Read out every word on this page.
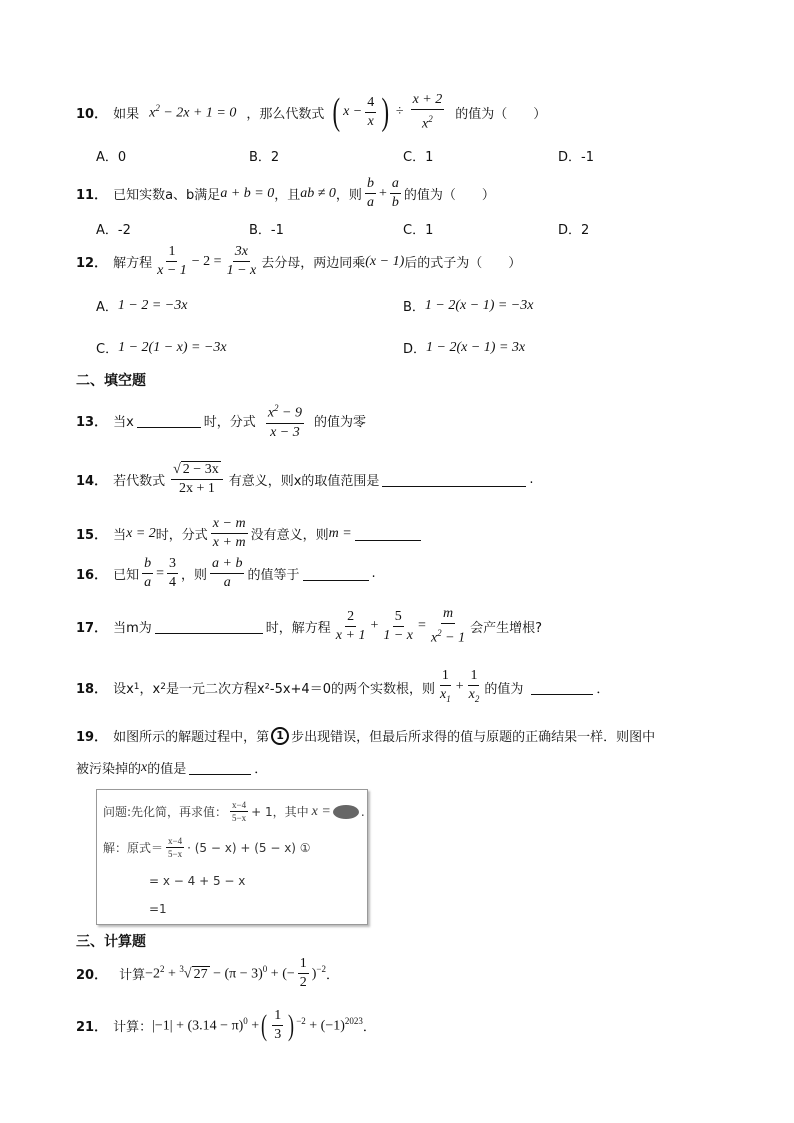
10． 如果 $x^2 - 2x + 1 = 0$ ，那么代数式 ( $x - \frac{4}{x}$ ) ÷ $\frac{x + 2}{x^2}$ 的值为（　　）
A．0	B．2	C．1	D．-1
11． 已知实数a、b满足 a + b = 0 ，且 ab ≠ 0 ，则 $\frac{b}{a} + \frac{a}{b}$ 的值为（　　）
A．-2	B．-1	C．1	D．2
12． 解方程 $\frac{1}{x - 1} - 2 = \frac{3x}{1 - x}$ 去分母，两边同乘 (x − 1) 后的式子为（　　）
A． 1 − 2 = −3x	B． 1 − 2(x − 1) = −3x
C． 1 − 2(1 − x) = −3x	D． 1 − 2(x − 1) = 3x
二、填空题
13． 当x	时，分式 $\frac{x^2 - 9}{x - 3}$ 的值为零
14． 若代数式 $\frac{√ 2 - 3x}{2x + 1}$ 有意义，则x的取值范围是	.
15． 当 x = 2 时，分式 $\frac{x - m}{x + m}$ 没有意义，则 m =
16． 已知 $\frac{b}{a} = \frac{3}{4}$ ，则 $\frac{a + b}{a}$ 的值等于	.
17． 当m为	时，解方程 $\frac{2}{x + 1} + \frac{5}{1 - x} = \frac{m}{x^2 - 1}$ 会产生增根?
18． 设x 1 ，x 2 是一元二次方程x²-5x+4＝0的两个实数根，则 $\frac{1}{x_1} + \frac{1}{x_2}$ 的值为	．
19． 如图所示的解题过程中，第 1 步出现错误，但最后所求得的值与原题的正确结果一样．则图中
被污染掉的 x 的值是	．
问题:先化简，再求值： $\frac{x-4}{5-x} + 1$，其中 x =	.
解：原式＝ $\frac{x-4}{5-x} \cdot (5 - x) + (5 - x)$ ①
= x − 4 + 5 − x
=1
三、计算题
20． 计算 $-2^2 + ^3√$ $27 - (\pi - 3)^0$ + (− $\frac{1}{2} )^{-2}$ ．
21． 计算： $|-1| + (3.14 - \pi)^0$ + ( $\frac{1}{3}$ ) $^{-2} + (-1)^{2023}$ ．
